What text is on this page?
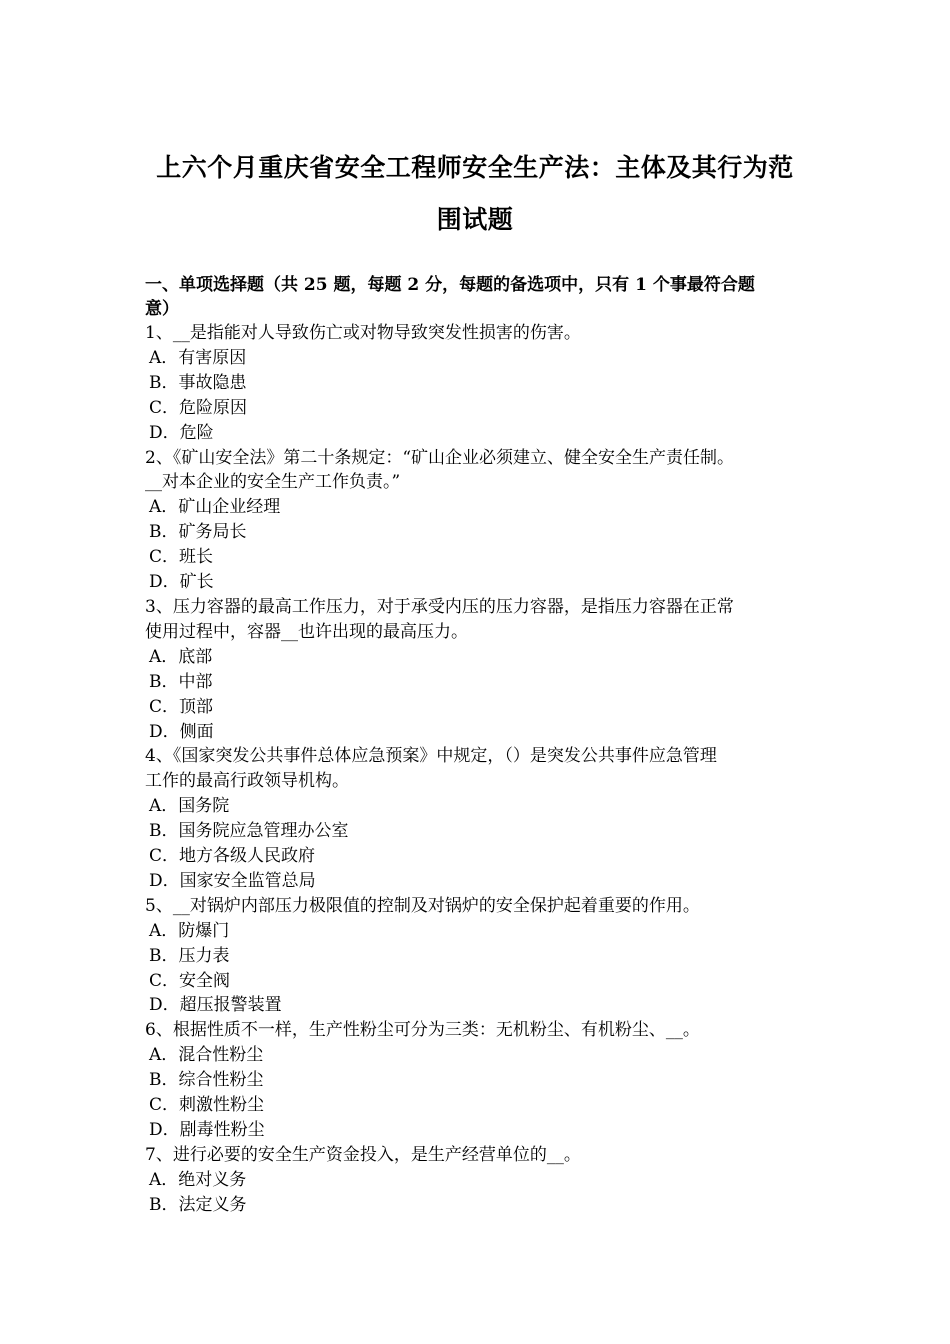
上六个月重庆省安全工程师安全生产法：主体及其行为范
围试题
一、单项选择题（共 25 题，每题 2 分，每题的备选项中，只有 1 个事最符合题
意）
1、__是指能对人导致伤亡或对物导致突发性损害的伤害。
A．有害原因
B．事故隐患
C．危险原因
D．危险
2、《矿山安全法》第二十条规定：“矿山企业必须建立、健全安全生产责任制。
__对本企业的安全生产工作负责。”
A．矿山企业经理
B．矿务局长
C．班长
D．矿长
3、压力容器的最高工作压力，对于承受内压的压力容器，是指压力容器在正常
使用过程中，容器__也许出现的最高压力。
A．底部
B．中部
C．顶部
D．侧面
4、《国家突发公共事件总体应急预案》中规定，（）是突发公共事件应急管理
工作的最高行政领导机构。
A．国务院
B．国务院应急管理办公室
C．地方各级人民政府
D．国家安全监管总局
5、__对锅炉内部压力极限值的控制及对锅炉的安全保护起着重要的作用。
A．防爆门
B．压力表
C．安全阀
D．超压报警装置
6、根据性质不一样，生产性粉尘可分为三类：无机粉尘、有机粉尘、__。
A．混合性粉尘
B．综合性粉尘
C．刺激性粉尘
D．剧毒性粉尘
7、进行必要的安全生产资金投入，是生产经营单位的__。
A．绝对义务
B．法定义务
